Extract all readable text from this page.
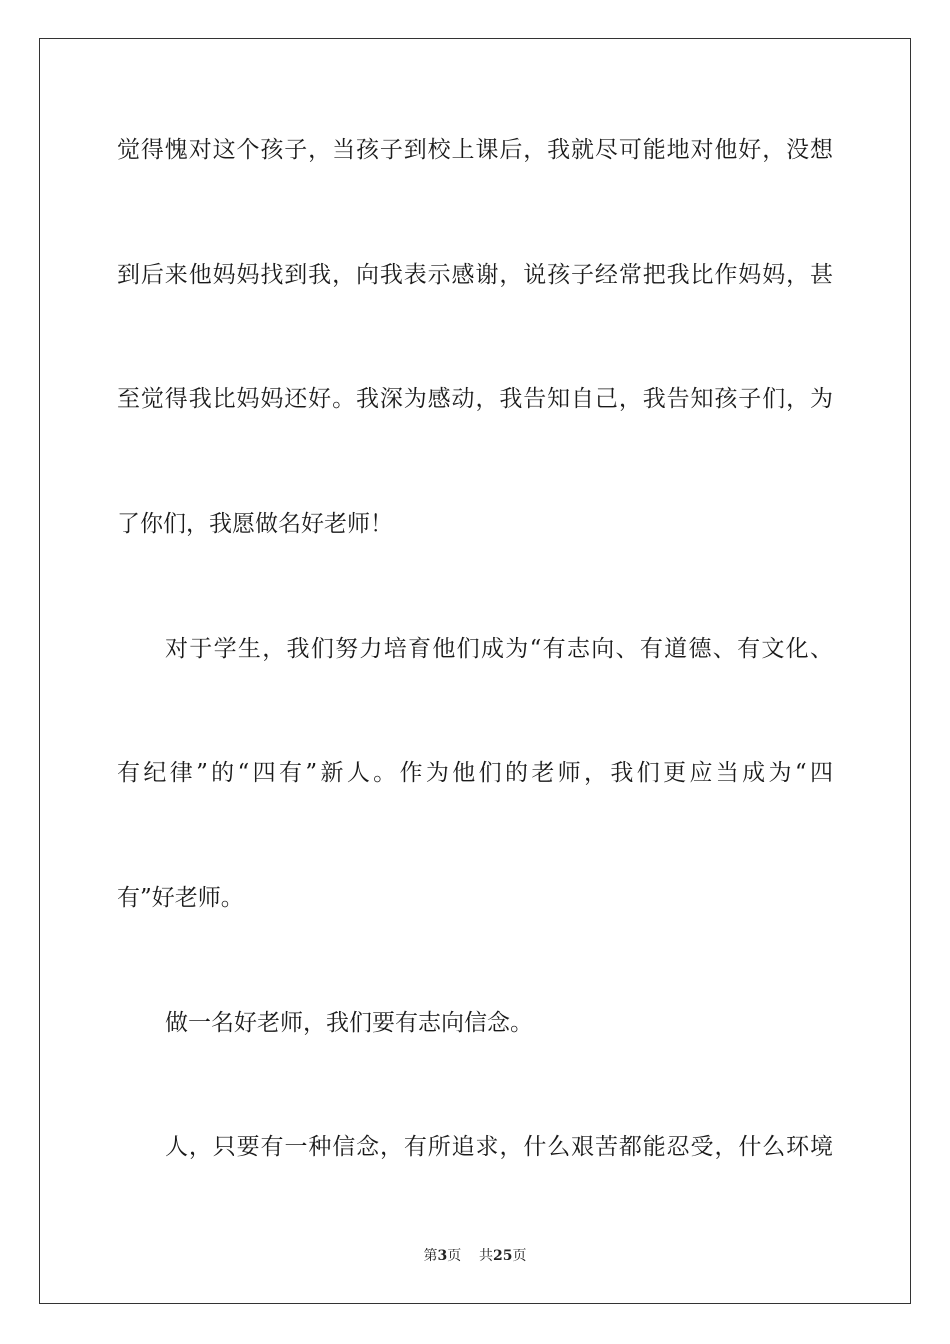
觉得愧对这个孩子，当孩子到校上课后，我就尽可能地对他好，没想
到后来他妈妈找到我，向我表示感谢，说孩子经常把我比作妈妈，甚
至觉得我比妈妈还好。我深为感动，我告知自己，我告知孩子们，为
了你们，我愿做名好老师！
对于学生，我们努力培育他们成为“有志向、有道德、有文化、
有纪律”的“四有”新人。作为他们的老师，我们更应当成为“四
有”好老师。
做一名好老师，我们要有志向信念。
人，只要有一种信念，有所追求，什么艰苦都能忍受，什么环境
第3页 共25页
